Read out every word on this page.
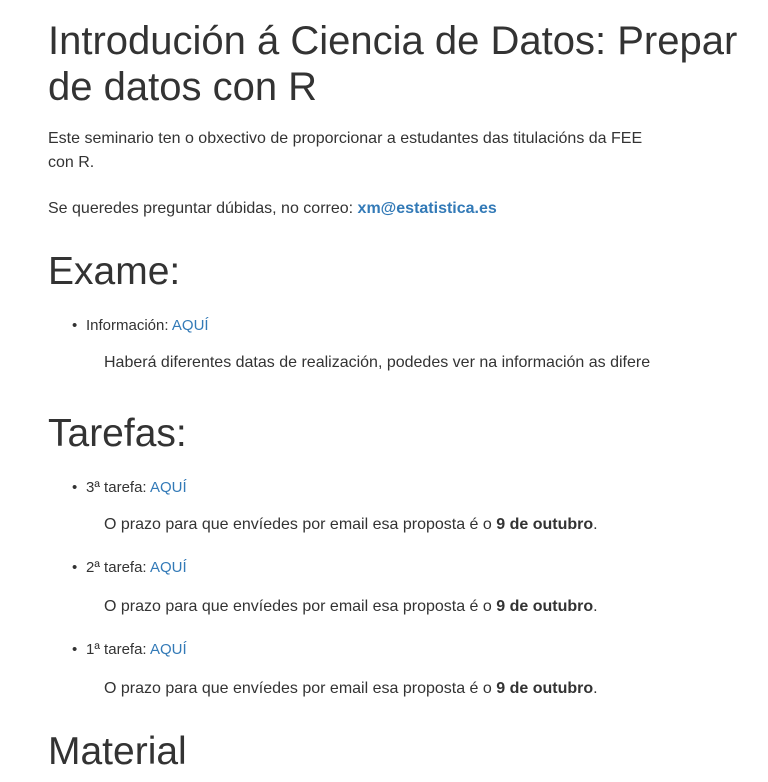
Introdución á Ciencia de Datos: Prepar
de datos con R
Este seminario ten o obxectivo de proporcionar a estudantes das titulacións da FEE
con R.
Se queredes preguntar dúbidas, no correo: xm@estatistica.es
Exame:
• Información: AQUÍ
Haberá diferentes datas de realización, podedes ver na información as difere
Tarefas:
• 3ª tarefa: AQUÍ
O prazo para que envíedes por email esa proposta é o 9 de outubro.
• 2ª tarefa: AQUÍ
O prazo para que envíedes por email esa proposta é o 9 de outubro.
• 1ª tarefa: AQUÍ
O prazo para que envíedes por email esa proposta é o 9 de outubro.
Material
